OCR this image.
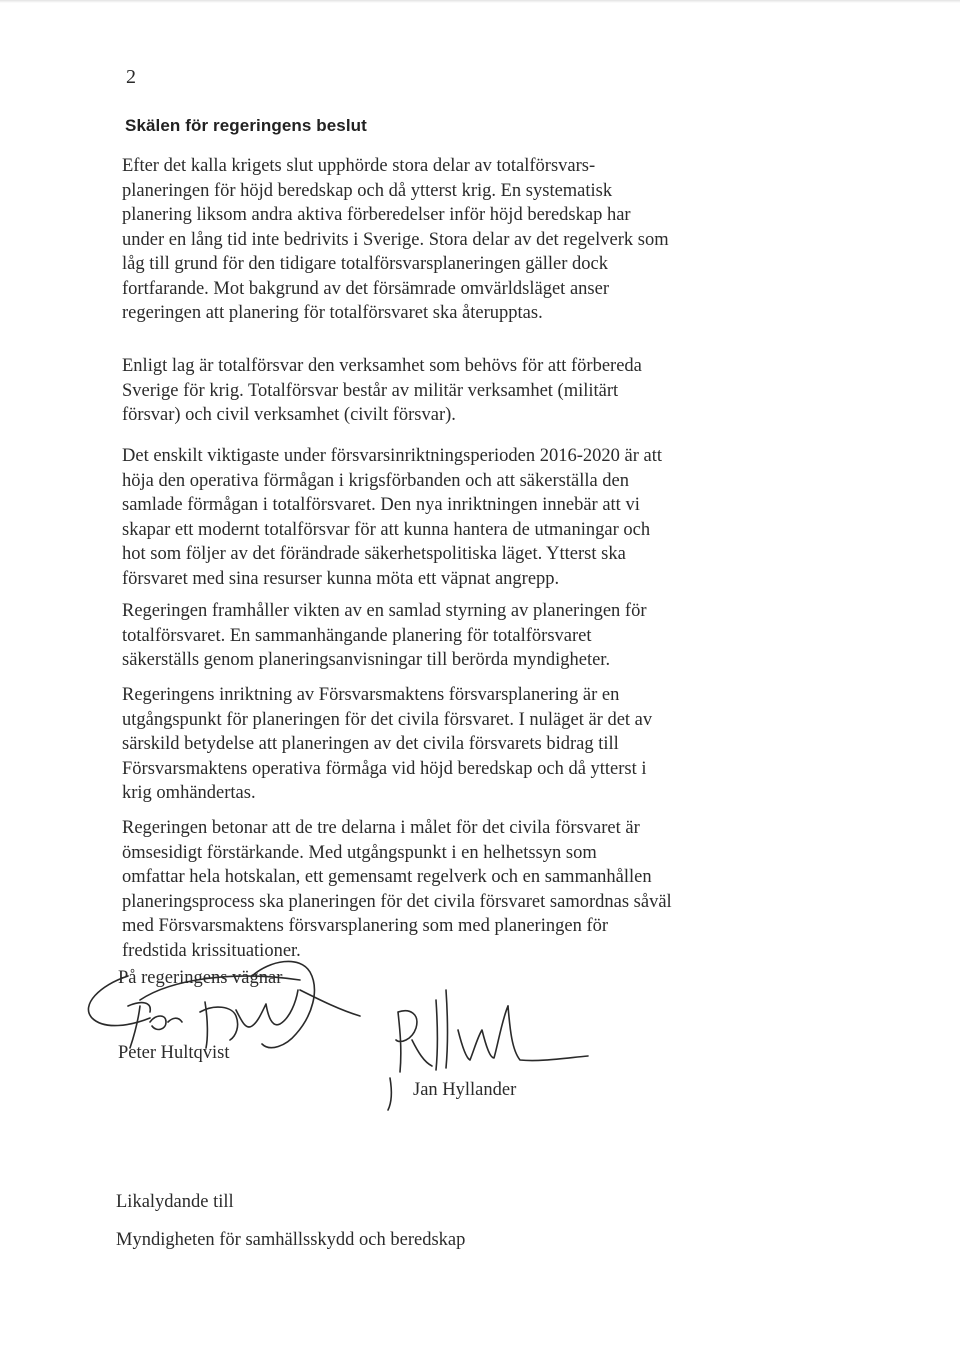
2
Skälen för regeringens beslut
Efter det kalla krigets slut upphörde stora delar av totalförsvars-
planeringen för höjd beredskap och då ytterst krig. En systematisk
planering liksom andra aktiva förberedelser inför höjd beredskap har
under en lång tid inte bedrivits i Sverige. Stora delar av det regelverk som
låg till grund för den tidigare totalförsvarsplaneringen gäller dock
fortfarande. Mot bakgrund av det försämrade omvärldsläget anser
regeringen att planering för totalförsvaret ska återupptas.
Enligt lag är totalförsvar den verksamhet som behövs för att förbereda
Sverige för krig. Totalförsvar består av militär verksamhet (militärt
försvar) och civil verksamhet (civilt försvar).
Det enskilt viktigaste under försvarsinriktningsperioden 2016-2020 är att
höja den operativa förmågan i krigsförbanden och att säkerställa den
samlade förmågan i totalförsvaret. Den nya inriktningen innebär att vi
skapar ett modernt totalförsvar för att kunna hantera de utmaningar och
hot som följer av det förändrade säkerhetspolitiska läget. Ytterst ska
försvaret med sina resurser kunna möta ett väpnat angrepp.
Regeringen framhåller vikten av en samlad styrning av planeringen för
totalförsvaret. En sammanhängande planering för totalförsvaret
säkerställs genom planeringsanvisningar till berörda myndigheter.
Regeringens inriktning av Försvarsmaktens försvarsplanering är en
utgångspunkt för planeringen för det civila försvaret. I nuläget är det av
särskild betydelse att planeringen av det civila försvarets bidrag till
Försvarsmaktens operativa förmåga vid höjd beredskap och då ytterst i
krig omhändertas.
Regeringen betonar att de tre delarna i målet för det civila försvaret är
ömsesidigt förstärkande. Med utgångspunkt i en helhetssyn som
omfattar hela hotskalan, ett gemensamt regelverk och en sammanhållen
planeringsprocess ska planeringen för det civila försvaret samordnas såväl
med Försvarsmaktens försvarsplanering som med planeringen för
fredstida krissituationer.
På regeringens vägnar
Peter Hultqvist
Jan Hyllander
Likalydande till
Myndigheten för samhällsskydd och beredskap
